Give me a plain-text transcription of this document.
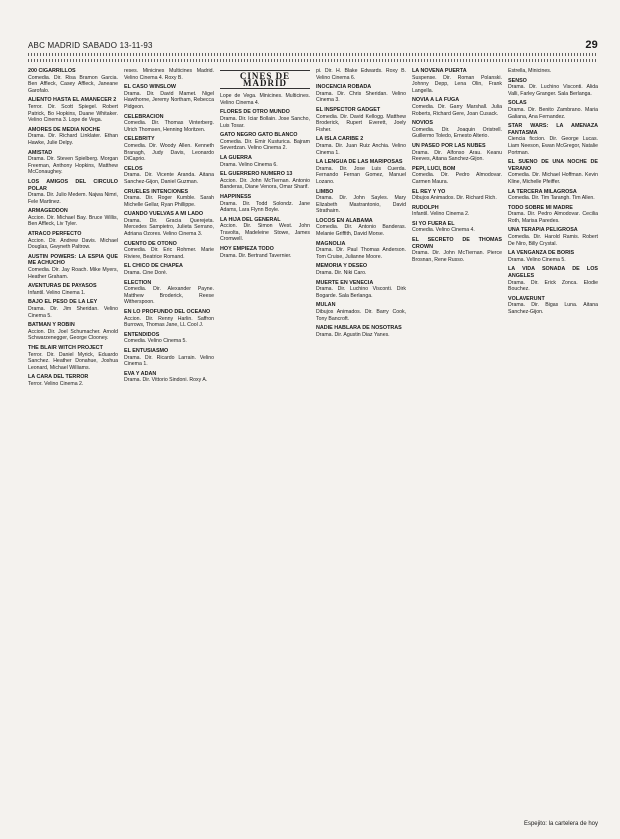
ABC MADRID SABADO 13-11-93	29
200 CIGARRILLOS
Comedia. Dir. Risa Bramon Garcia. Ben Affleck, Casey Affleck, Janeane Garofalo.
ALIENTO HASTA EL AMANECER 2
Terror. Dir. Scott Spiegel. Robert Patrick, Bo Hopkins, Duane Whitaker. Velino Cinema 3. Lope de Vega.
AMORES DE MEDIA NOCHE
Drama. Dir. Richard Linklater. Ethan Hawke, Julie Delpy.
AMISTAD
Drama. Dir. Steven Spielberg. Morgan Freeman, Anthony Hopkins, Matthew McConaughey.
LOS AMIGOS DEL CIRCULO POLAR
Drama. Dir. Julio Medem. Najwa Nimri, Fele Martinez.
ARMAGEDDON
Accion. Dir. Michael Bay. Bruce Willis, Ben Affleck, Liv Tyler.
ATRACO PERFECTO
Accion. Dir. Andrew Davis. Michael Douglas, Gwyneth Paltrow.
AUSTIN POWERS: LA ESPIA QUE ME ACHUCHO
Comedia. Dir. Jay Roach. Mike Myers, Heather Graham.
AVENTURAS DE PAYASOS
Infantil. Velino Cinema 1.
BAJO EL PESO DE LA LEY
Drama. Dir. Jim Sheridan. Velino Cinema 5.
BATMAN Y ROBIN
Accion. Dir. Joel Schumacher. Arnold Schwarzenegger, George Clooney.
THE BLAIR WITCH PROJECT
Terror. Dir. Daniel Myrick, Eduardo Sanchez. Heather Donahue, Joshua Leonard, Michael Williams.
LA CARA DEL TERROR
Terror. Velino Cinema 2.
reses. Minicines Multicines Madrid. Velino Cinema 4. Roxy B.
EL CASO WINSLOW
Drama. Dir. David Mamet. Nigel Hawthorne, Jeremy Northam, Rebecca Pidgeon.
CELEBRACION
Comedia. Dir. Thomas Vinterberg. Ulrich Thomsen, Henning Moritzen.
CELEBRITY
Comedia. Dir. Woody Allen. Kenneth Branagh, Judy Davis, Leonardo DiCaprio.
CELOS
Drama. Dir. Vicente Aranda. Aitana Sanchez-Gijon, Daniel Guzman.
CRUELES INTENCIONES
Drama. Dir. Roger Kumble. Sarah Michelle Gellar, Ryan Phillippe.
CUANDO VUELVAS A MI LADO
Drama. Dir. Gracia Querejeta. Mercedes Sampietro, Julieta Serrano, Adriana Ozores. Velino Cinema 3.
CUENTO DE OTONO
Comedia. Dir. Eric Rohmer. Marie Riviere, Beatrice Romand.
EL CHICO DE CHAPEA
Drama. Cine Doré.
ELECTION
Comedia. Dir. Alexander Payne. Matthew Broderick, Reese Witherspoon.
EN LO PROFUNDO DEL OCEANO
Accion. Dir. Renny Harlin. Saffron Burrows, Thomas Jane, LL Cool J.
ENTENDIDOS
Comedia. Velino Cinema 5.
EL ENTUSIASMO
Drama. Dir. Ricardo Larrain. Velino Cinema 1.
EVA Y ADAN
Drama. Dir. Vittorio Sindoni. Roxy A.
CINES DE MADRID
Lope de Vega. Minicines. Multicines. Velino Cinema 4.
FLORES DE OTRO MUNDO
Drama. Dir. Iciar Bollain. Jose Sancho, Luis Tosar.
GATO NEGRO GATO BLANCO
Comedia. Dir. Emir Kusturica. Bajram Severdzan. Velino Cinema 2.
LA GUERRA
Drama. Velino Cinema 6.
EL GUERRERO NUMERO 13
Accion. Dir. John McTiernan. Antonio Banderas, Diane Venora, Omar Sharif.
HAPPINESS
Drama. Dir. Todd Solondz. Jane Adams, Lara Flynn Boyle.
LA HIJA DEL GENERAL
Accion. Dir. Simon West. John Travolta, Madeleine Stowe, James Cromwell.
HOY EMPIEZA TODO
Drama. Dir. Bertrand Tavernier.
pi. Dir. H. Blake Edwards. Roxy B. Velino Cinema 6.
INOCENCIA ROBADA
Drama. Dir. Chris Sheridan. Velino Cinema 3.
EL INSPECTOR GADGET
Comedia. Dir. David Kellogg. Matthew Broderick, Rupert Everett, Joely Fisher.
LA ISLA CARIBE 2
Drama. Dir. Juan Ruiz Anchia. Velino Cinema 1.
LA LENGUA DE LAS MARIPOSAS
Drama. Dir. Jose Luis Cuerda. Fernando Fernan Gomez, Manuel Lozano.
LIMBO
Drama. Dir. John Sayles. Mary Elizabeth Mastrantonio, David Strathairn.
LOCOS EN ALABAMA
Comedia. Dir. Antonio Banderas. Melanie Griffith, David Morse.
MAGNOLIA
Drama. Dir. Paul Thomas Anderson. Tom Cruise, Julianne Moore.
MEMORIA Y DESEO
Drama. Dir. Niki Caro.
MUERTE EN VENECIA
Drama. Dir. Luchino Visconti. Dirk Bogarde. Sala Berlanga.
MULAN
Dibujos Animados. Dir. Barry Cook, Tony Bancroft.
NADIE HABLARA DE NOSOTRAS
Drama. Dir. Agustin Diaz Yanes.
LA NOVENA PUERTA
Suspense. Dir. Roman Polanski. Johnny Depp, Lena Olin, Frank Langella.
NOVIA A LA FUGA
Comedia. Dir. Garry Marshall. Julia Roberts, Richard Gere, Joan Cusack.
NOVIOS
Comedia. Dir. Joaquin Oristrell. Guillermo Toledo, Ernesto Alterio.
UN PASEO POR LAS NUBES
Drama. Dir. Alfonso Arau. Keanu Reeves, Aitana Sanchez-Gijon.
PEPI, LUCI, BOM
Comedia. Dir. Pedro Almodovar. Carmen Maura.
EL REY Y YO
Dibujos Animados. Dir. Richard Rich.
RUDOLPH
Infantil. Velino Cinema 2.
SI YO FUERA EL
Comedia. Velino Cinema 4.
EL SECRETO DE THOMAS CROWN
Drama. Dir. John McTiernan. Pierce Brosnan, Rene Russo.
Estrella, Minicines.
SENSO
Drama. Dir. Luchino Visconti. Alida Valli, Farley Granger. Sala Berlanga.
SOLAS
Drama. Dir. Benito Zambrano. Maria Galiana, Ana Fernandez.
STAR WARS: LA AMENAZA FANTASMA
Ciencia ficcion. Dir. George Lucas. Liam Neeson, Ewan McGregor, Natalie Portman.
EL SUENO DE UNA NOCHE DE VERANO
Comedia. Dir. Michael Hoffman. Kevin Kline, Michelle Pfeiffer.
LA TERCERA MILAGROSA
Comedia. Dir. Tim Tarangh. Tim Allen.
TODO SOBRE MI MADRE
Drama. Dir. Pedro Almodovar. Cecilia Roth, Marisa Paredes.
UNA TERAPIA PELIGROSA
Comedia. Dir. Harold Ramis. Robert De Niro, Billy Crystal.
LA VENGANZA DE BORIS
Drama. Velino Cinema 5.
LA VIDA SONADA DE LOS ANGELES
Drama. Dir. Erick Zonca. Elodie Bouchez.
VOLAVERUNT
Drama. Dir. Bigas Luna. Aitana Sanchez-Gijon.
Espejito: la cartelera de hoy
